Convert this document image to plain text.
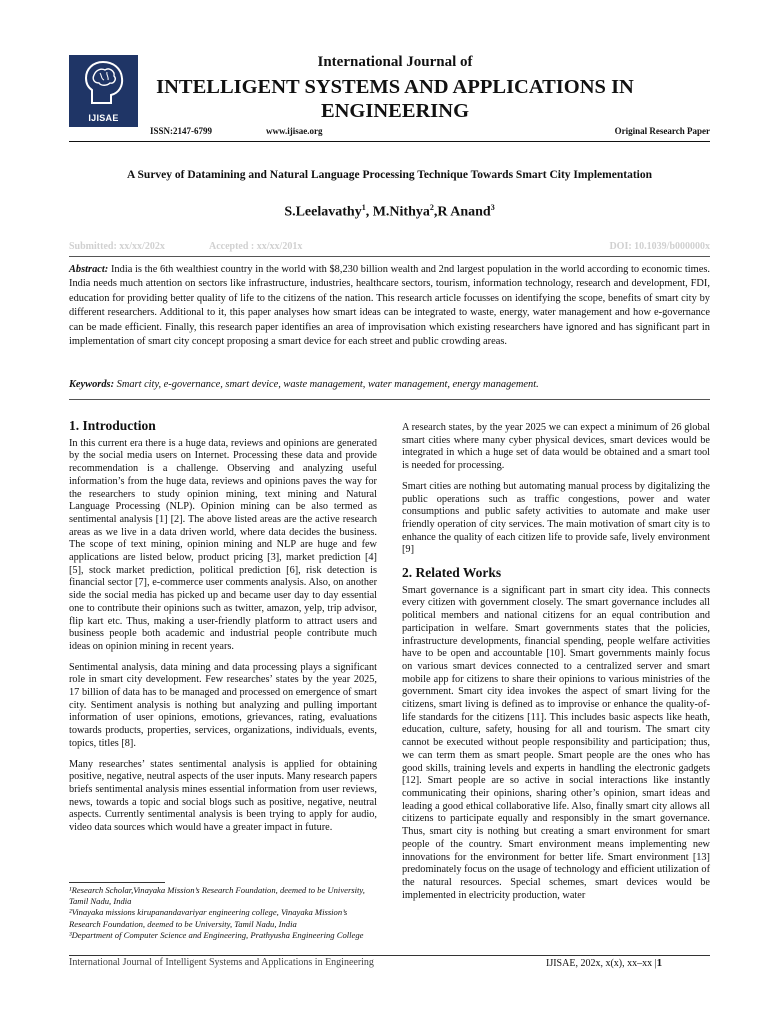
IJISAE
International Journal of
INTELLIGENT SYSTEMS AND APPLICATIONS IN ENGINEERING
ISSN:2147-6799	www.ijisae.org	Original Research Paper
A Survey of Datamining and Natural Language Processing Technique Towards Smart City Implementation
S.Leelavathy$^1$, M.Nithya$^2$,R Anand$^3$
Submitted: xx/xx/202x	Accepted : xx/xx/201x	DOI: 10.1039/b000000x
Abstract: India is the 6th wealthiest country in the world with $8,230 billion wealth and 2nd largest population in the world according to economic times. India needs much attention on sectors like infrastructure, industries, healthcare sectors, tourism, information technology, research and development, FDI, education for providing better quality of life to the citizens of the nation. This research article focusses on identifying the scope, benefits of smart city by different researchers. Additional to it, this paper analyses how smart ideas can be integrated to waste, energy, water management and how e-governance can be made efficient. Finally, this research paper identifies an area of improvisation which existing researchers have ignored and has significant part in implementation of smart city concept proposing a smart device for each street and public crowding areas.
Keywords: Smart city, e-governance, smart device, waste management, water management, energy management.
1. Introduction

In this current era there is a huge data, reviews and opinions are generated by the social media users on Internet. Processing these data and provide recommendation is a challenge. Observing and analyzing useful information’s from the huge data, reviews and opinions paves the way for the researchers to study opinion mining, text mining and Natural Language Processing (NLP). Opinion mining can be also termed as sentimental analysis [1] [2]. The above listed areas are the active research areas as we live in a data driven world, where data decides the business. The scope of text mining, opinion mining and NLP are huge and few applications are listed below, product pricing [3], market prediction [4] [5], stock market prediction, political prediction [6], risk detection is financial sector [7], e-commerce user comments analysis. Also, on another side the social media has picked up and became user day to day essential one to contribute their opinions such as twitter, amazon, yelp, trip advisor, flip kart etc. Thus, making a user-friendly platform to attract users and business people both academic and industrial people contribute much ideas on opinion mining in recent years.

Sentimental analysis, data mining and data processing plays a significant role in smart city development. Few researches’ states by the year 2025, 17 billion of data has to be managed and processed on emergence of smart city. Sentiment analysis is nothing but analyzing and pulling important information of user opinions, emotions, grievances, rating, evaluations towards products, properties, services, organizations, individuals, events, topics, titles [8].

Many researches’ states sentimental analysis is applied for obtaining positive, negative, neutral aspects of the user inputs. Many research papers briefs sentimental analysis mines essential information from user reviews, news, towards a topic and social blogs such as positive, negative, neutral aspects. Currently sentimental analysis is been trying to apply for audio, video data sources which would have a greater impact in future.

¹Research Scholar,Vinayaka Mission’s Research Foundation, deemed to be University, Tamil Nadu, India
²Vinayaka missions kirupanandavariyar engineering college, Vinayaka Mission’s Research Foundation, deemed to be University, Tamil Nadu, India
³Department of Computer Science and Engineering, Prathyusha Engineering College

A research states, by the year 2025 we can expect a minimum of 26 global smart cities where many cyber physical devices, smart devices would be integrated in which a huge set of data would be obtained and a smart tool is needed for processing.

Smart cities are nothing but automating manual process by digitalizing the public operations such as traffic congestions, power and water consumptions and public safety activities to automate and make user friendly operation of city services. The main motivation of smart city is to enhance the quality of each citizen life to provide safe, lively environment [9]

2. Related Works

Smart governance is a significant part in smart city idea. This connects every citizen with government closely. The smart governance includes all political members and national citizens for an equal contribution and participation in welfare. Smart governments states that the policies, infrastructure developments, financial spending, people welfare activities have to be open and accountable [10]. Smart governments mainly focus on various smart devices connected to a centralized server and smart mobile app for citizens to share their opinions to various ministries of the government. Smart city idea invokes the aspect of smart living for the citizens, smart living is defined as to improvise or enhance the quality-of-life standards for the citizens [11]. This includes basic aspects like heath, education, culture, safety, housing for all and tourism. The smart city cannot be executed without people responsibility and participation; thus, we can term them as smart people. Smart people are the ones who has good skills, training levels and experts in handling the electronic gadgets [12]. Smart people are so active in social interactions like instantly communicating their opinions, sharing other’s opinion, smart ideas and leading a good ethical collaborative life. Also, finally smart city allows all citizens to participate equally and responsibly in the smart governance. Thus, smart city is nothing but creating a smart environment for smart people of the country. Smart environment means implementing new innovations for the environment for better life. Smart environment [13] predominately focus on the usage of technology and efficient utilization of the natural resources. Special schemes, smart devices would be implemented in electricity production, water

International Journal of Intelligent Systems and Applications in Engineering	IJISAE, 202x, x(x), xx–xx |1
